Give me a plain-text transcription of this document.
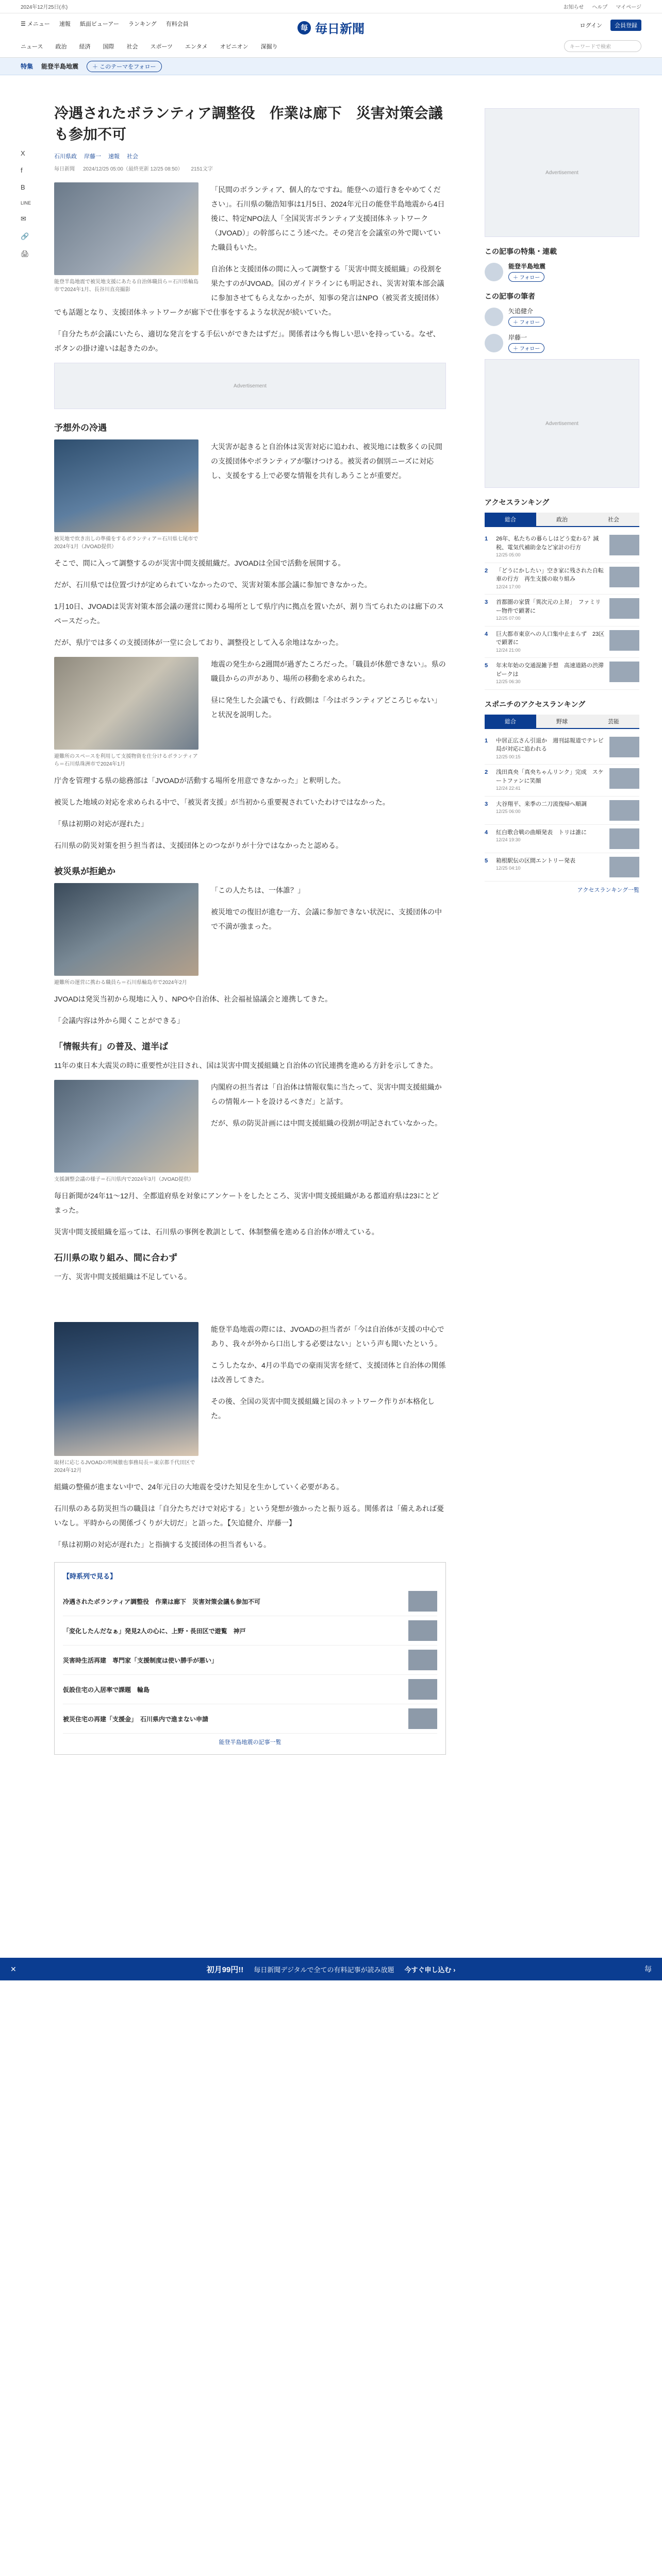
2024年12月25日(水)	お知らせ ヘルプ マイページ
☰ メニュー 速報 紙面ビューアー ランキング 有料会員	毎 毎日新聞	ログイン	会員登録
ニュース 政治 経済 国際 社会 スポーツ エンタメ オピニオン 深掘り	キーワードで検索
特集 能登半島地震	＋ このテーマをフォロー
X
f
B
LINE
✉
🔗
🖨
冷遇されたボランティア調整役　作業は廊下　災害対策会議も参加不可
石川県政 岸藤一 速報 社会
毎日新聞 2024/12/25 05:00（最終更新 12/25 08:50） 2151文字
能登半島地震で被災地支援にあたる自治体職員ら＝石川県輪島市で2024年1月、長谷川直亮撮影

「民間のボランティア、個人的なですね。能登への道行きをやめてください」。石川県の馳浩知事は1月5日、2024年元日の能登半島地震から4日後に、特定NPO法人「全国災害ボランティア支援団体ネットワーク（JVOAD）」の幹部らにこう述べた。その発言を会議室の外で聞いていた職員もいた。

自治体と支援団体の間に入って調整する「災害中間支援組織」の役割を果たすのがJVOAD。国のガイドラインにも明記され、災害対策本部会議に参加させてもらえなかったが、知事の発言はNPO（被災者支援団体）でも話題となり、支援団体ネットワークが廊下で仕事をするような状況が続いていた。

「自分たちが会議にいたら、適切な発言をする手伝いができたはずだ」。関係者は今も悔しい思いを持っている。なぜ、ボタンの掛け違いは起きたのか。

Advertisement
予想外の冷遇
被災地で炊き出しの準備をするボランティア＝石川県七尾市で2024年1月（JVOAD提供）

大災害が起きると自治体は災害対応に追われ、被災地には数多くの民間の支援団体やボランティアが駆けつける。被災者の個別ニーズに対応し、支援をする上で必要な情報を共有しあうことが重要だ。

そこで、間に入って調整するのが災害中間支援組織だ。JVOADは全国で活動を展開する。

だが、石川県では位置づけが定められていなかったので、災害対策本部会議に参加できなかった。

1月10日、JVOADは災害対策本部会議の運営に関わる場所として県庁内に拠点を置いたが、割り当てられたのは廊下のスペースだった。

だが、県庁では多くの支援団体が一堂に会しており、調整役として入る余地はなかった。

避難所のスペースを利用して支援物資を仕分けるボランティアら＝石川県珠洲市で2024年1月

地震の発生から2週間が過ぎたころだった。「職員が休憩できない」。県の職員からの声があり、場所の移動を求められた。

昼に発生した会議でも、行政側は「今はボランティアどころじゃない」と状況を説明した。

庁舎を管理する県の総務部は「JVOADが活動する場所を用意できなかった」と釈明した。

被災した地域の対応を求められる中で、「被災者支援」が当初から重要視されていたわけではなかった。

「県は初期の対応が遅れた」

石川県の防災対策を担う担当者は、支援団体とのつながりが十分ではなかったと認める。

被災県が拒絶か
避難所の運営に携わる職員ら＝石川県輪島市で2024年2月

「この人たちは、一体誰？」

被災地での復旧が進む一方、会議に参加できない状況に、支援団体の中で不満が強まった。

JVOADは発災当初から現地に入り、NPOや自治体、社会福祉協議会と連携してきた。

「会議内容は外から聞くことができる」

「情報共有」の普及、道半ば

11年の東日本大震災の時に重要性が注目され、国は災害中間支援組織と自治体の官民連携を進める方針を示してきた。

支援調整会議の様子＝石川県内で2024年3月（JVOAD提供）

内閣府の担当者は「自治体は情報収集に当たって、災害中間支援組織からの情報ルートを設けるべきだ」と話す。

だが、県の防災計画には中間支援組織の役割が明記されていなかった。

毎日新聞が24年11〜12月、全都道府県を対象にアンケートをしたところ、災害中間支援組織がある都道府県は23にとどまった。

災害中間支援組織を巡っては、石川県の事例を教訓として、体制整備を進める自治体が増えている。

石川県の取り組み、間に合わず

一方、災害中間支援組織は不足している。

取材に応じるJVOADの明城徹也事務局長＝東京都千代田区で2024年12月

能登半島地震の際には、JVOADの担当者が「今は自治体が支援の中心であり、我々が外から口出しする必要はない」という声も聞いたという。

こうしたなか、4月の半島での豪雨災害を経て、支援団体と自治体の関係は改善してきた。

その後、全国の災害中間支援組織と国のネットワーク作りが本格化した。

組織の整備が進まない中で、24年元日の大地震を受けた知見を生かしていく必要がある。

石川県のある防災担当の職員は「自分たちだけで対応する」という発想が強かったと振り返る。関係者は「備えあれば憂いなし。平時からの関係づくりが大切だ」と語った。【矢追健介、岸藤一】

「県は初期の対応が遅れた」と指摘する支援団体の担当者もいる。

【時系列で見る】
冷遇されたボランティア調整役　作業は廊下　災害対策会議も参加不可
「変化したんだなぁ」発見2人の心に、上野・長田区で遊覧　神戸
災害時生活再建　専門家「支援制度は使い勝手が悪い」
仮設住宅の入居率で課題　輪島
被災住宅の再建「支援金」　石川県内で進まない申請
能登半島地震の記事一覧
Advertisement
この記事の特集・連載
能登半島地震
＋ フォロー
この記事の筆者
矢追健介
＋ フォロー
岸藤一
＋ フォロー
Advertisement
アクセスランキング
総合	政治	社会
1	26年、私たちの暮らしはどう変わる？減税、電気代補助金など家計の行方
12/25 05:00
2	「どうにかしたい」空き家に残された自転車の行方　再生支援の取り組み
12/24 17:00
3	首都圏の家賃「異次元の上昇」　ファミリー物件で顕著に
12/25 07:00
4	巨大都市東京への人口集中止まらず　23区で顕著に
12/24 21:00
5	年末年始の交通混雑予想　高速道路の渋滞ピークは
12/25 06:30
スポニチのアクセスランキング
総合	野球	芸能
1	中居正広さん引退か　週刊誌報道でテレビ局が対応に追われる
12/25 00:15
2	浅田真央「真央ちゃんリンク」完成　スケートファンに笑顔
12/24 22:41
3	大谷翔平、来季の二刀流復帰へ順調
12/25 06:00
4	紅白歌合戦の曲順発表　トリは誰に
12/24 19:30
5	箱根駅伝の区間エントリー発表
12/25 04:10
アクセスランキング一覧
✕	初月99円!! 毎日新聞デジタルで全ての有料記事が読み放題 今すぐ申し込む ›	毎
